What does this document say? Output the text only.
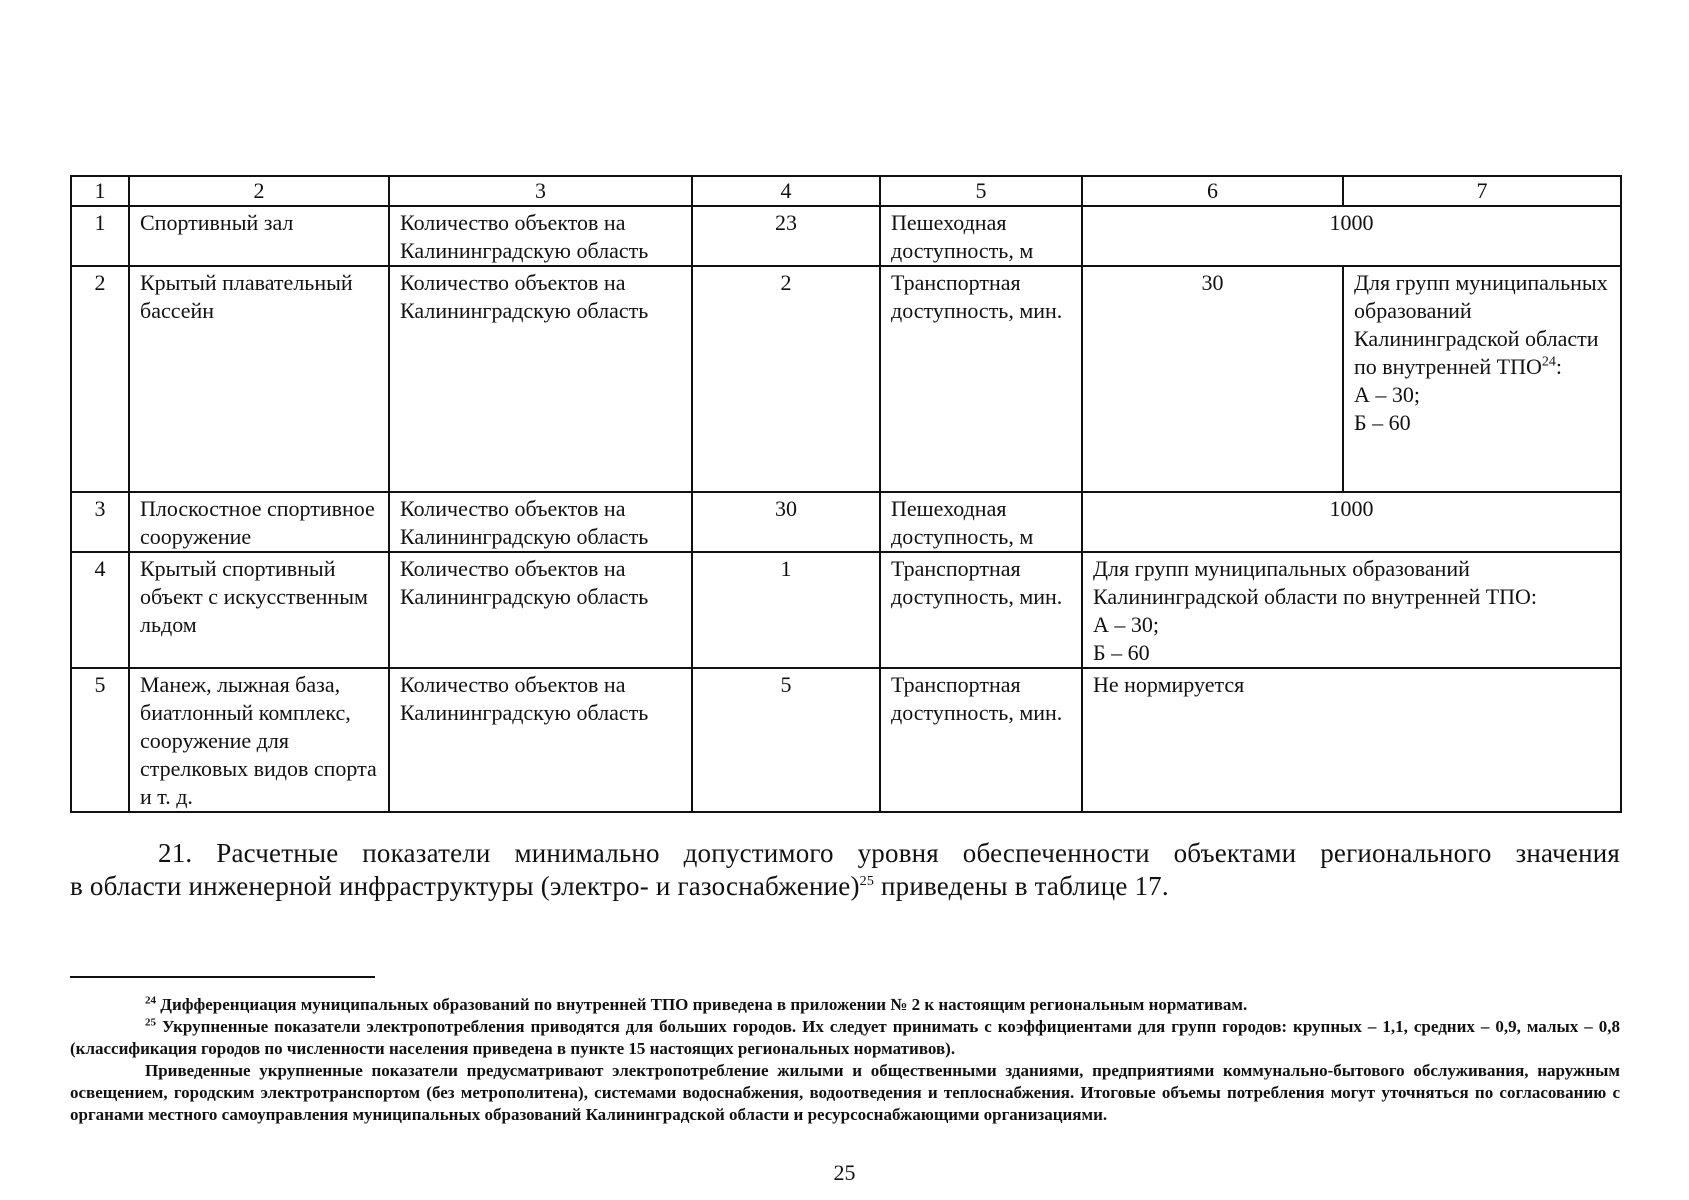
1	2	3	4	5	6	7
1	Спортивный зал	Количество объектов на Калининградскую область	23	Пешеходная доступность, м	1000	
2	Крытый плавательный бассейн	Количество объектов на Калининградскую область	2	Транспортная доступность, мин.	30	Для групп муниципальных образований Калининградской области по внутренней ТПО$^{24}$:
А – 30;
Б – 60
3	Плоскостное спортивное сооружение	Количество объектов на Калининградскую область	30	Пешеходная доступность, м	1000	
4	Крытый спортивный объект с искусственным льдом	Количество объектов на Калининградскую область	1	Транспортная доступность, мин.	Для групп муниципальных образований Калининградской области по внутренней ТПО:
А – 30;
Б – 60	
5	Манеж, лыжная база, биатлонный комплекс, сооружение для стрелковых видов спорта и т. д.	Количество объектов на Калининградскую область	5	Транспортная доступность, мин.	Не нормируется	
21. Расчетные показатели минимально допустимого уровня обеспеченности объектами регионального значения
в области инженерной инфраструктуры (электро- и газоснабжение)$^{25}$ приведены в таблице 17.

$^{24}$ Дифференциация муниципальных образований по внутренней ТПО приведена в приложении № 2 к настоящим региональным нормативам.

$^{25}$ Укрупненные показатели электропотребления приводятся для больших городов. Их следует принимать с коэффициентами для групп городов: крупных – 1,1, средних – 0,9, малых – 0,8 (классификация городов по численности населения приведена в пункте 15 настоящих региональных нормативов).

Приведенные укрупненные показатели предусматривают электропотребление жилыми и общественными зданиями, предприятиями коммунально-бытового обслуживания, наружным освещением, городским электротранспортом (без метрополитена), системами водоснабжения, водоотведения и теплоснабжения. Итоговые объемы потребления могут уточняться по согласованию с органами местного самоуправления муниципальных образований Калининградской области и ресурсоснабжающими организациями.

25
